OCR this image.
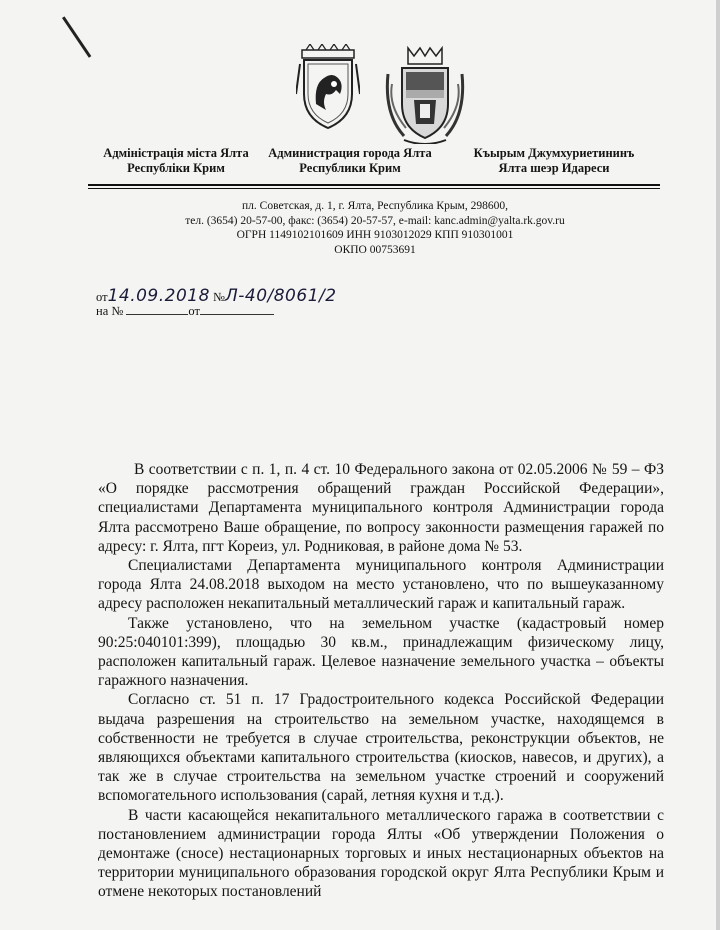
Адміністрація міста Ялта
Республіки Крим
Администрация города Ялта
Республики Крим
Къырым Джумхуриетининъ
Ялта шеэр Идареси
пл. Советская, д. 1, г. Ялта, Республика Крым, 298600,
тел. (3654) 20-57-00, факс: (3654) 20-57-57, e-mail: kanc.admin@yalta.rk.gov.ru
ОГРН 1149102101609 ИНН 9103012029 КПП 910301001
ОКПО 00753691
от14.09.2018 №Л-40/8061/2
на №	от

В соответствии с п. 1, п. 4 ст. 10 Федерального закона от 02.05.2006 № 59 – ФЗ «О порядке рассмотрения обращений граждан Российской Федерации», специалистами Департамента муниципального контроля Администрации города Ялта рассмотрено Ваше обращение, по вопросу законности размещения гаражей по адресу: г. Ялта, пгт Кореиз, ул. Родниковая, в районе дома № 53.

Специалистами Департамента муниципального контроля Администрации города Ялта 24.08.2018 выходом на место установлено, что по вышеуказанному адресу расположен некапитальный металлический гараж и капитальный гараж.

Также установлено, что на земельном участке (кадастровый номер 90:25:040101:399), площадью 30 кв.м., принадлежащим физическому лицу, расположен капитальный гараж. Целевое назначение земельного участка – объекты гаражного назначения.

Согласно ст. 51 п. 17 Градостроительного кодекса Российской Федерации выдача разрешения на строительство на земельном участке, находящемся в собственности не требуется в случае строительства, реконструкции объектов, не являющихся объектами капитального строительства (киосков, навесов, и других), а так же в случае строительства на земельном участке строений и сооружений вспомогательного использования (сарай, летняя кухня и т.д.).

В части касающейся некапитального металлического гаража в соответствии с постановлением администрации города Ялты «Об утверждении Положения о демонтаже (сносе) нестационарных торговых и иных нестационарных объектов на территории муниципального образования городской округ Ялта Республики Крым и отмене некоторых постановлений
